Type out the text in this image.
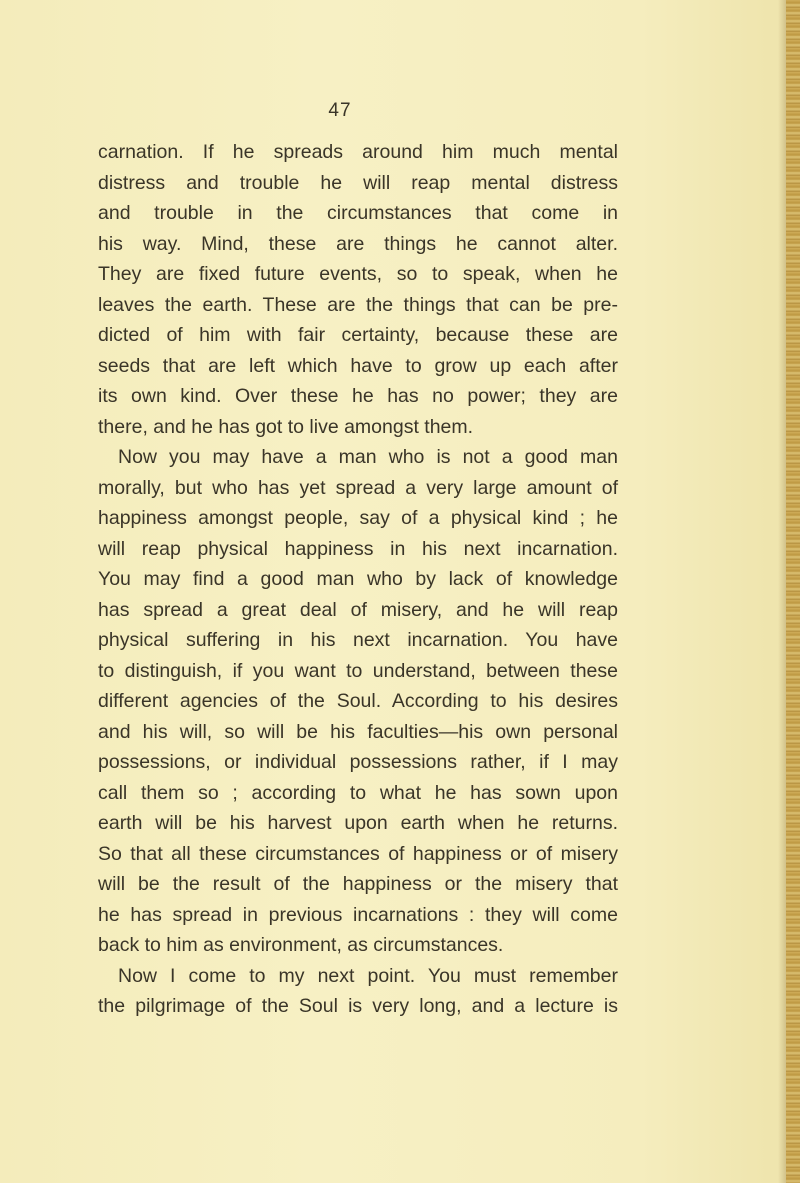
47
carnation. If he spreads around him much mental
distress and trouble he will reap mental distress
and trouble in the circumstances that come in
his way. Mind, these are things he cannot alter.
They are fixed future events, so to speak, when he
leaves the earth. These are the things that can be pre-
dicted of him with fair certainty, because these are
seeds that are left which have to grow up each after
its own kind. Over these he has no power; they are
there, and he has got to live amongst them.
Now you may have a man who is not a good man
morally, but who has yet spread a very large amount of
happiness amongst people, say of a physical kind ; he
will reap physical happiness in his next incarnation.
You may find a good man who by lack of knowledge
has spread a great deal of misery, and he will reap
physical suffering in his next incarnation. You have
to distinguish, if you want to understand, between these
different agencies of the Soul. According to his desires
and his will, so will be his faculties—his own personal
possessions, or individual possessions rather, if I may
call them so ; according to what he has sown upon
earth will be his harvest upon earth when he returns.
So that all these circumstances of happiness or of misery
will be the result of the happiness or the misery that
he has spread in previous incarnations : they will come
back to him as environment, as circumstances.
Now I come to my next point. You must remember
the pilgrimage of the Soul is very long, and a lecture is
